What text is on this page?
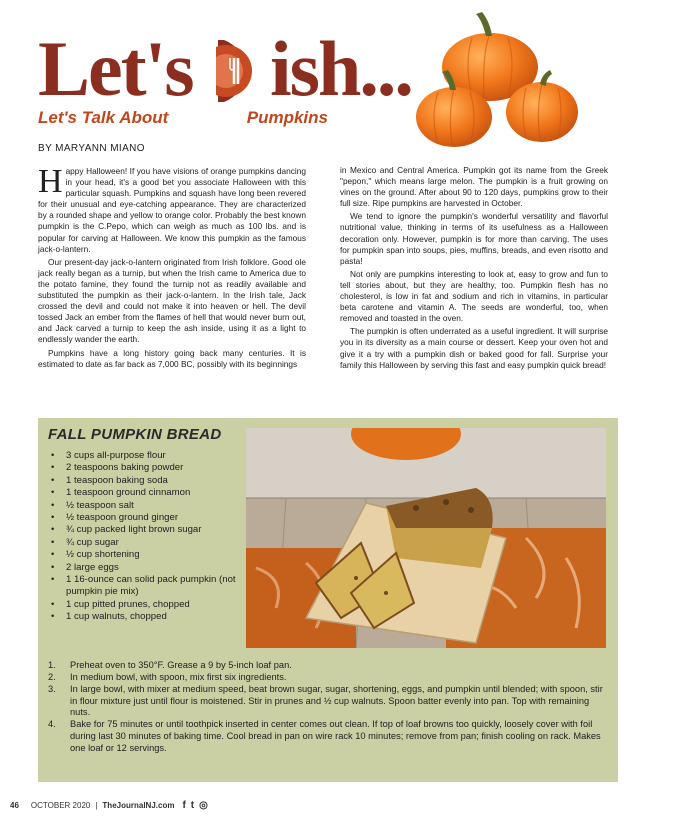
Let's ish...
Let's Talk About	Pumpkins
BY MARYANN MIANO

Happy Halloween! If you have visions of orange pumpkins dancing in your head, it's a good bet you associate Halloween with this particular squash. Pumpkins and squash have long been revered for their unusual and eye-catching appearance. They are characterized by a rounded shape and yellow to orange color. Probably the best known pumpkin is the C.Pepo, which can weigh as much as 100 lbs. and is popular for carving at Halloween. We know this pumpkin as the famous jack-o-lantern.

Our present-day jack-o-lantern originated from Irish folklore. Good ole jack really began as a turnip, but when the Irish came to America due to the potato famine, they found the turnip not as readily available and substituted the pumpkin as their jack-o-lantern. In the Irish tale, Jack crossed the devil and could not make it into heaven or hell. The devil tossed Jack an ember from the flames of hell that would never burn out, and Jack carved a turnip to keep the ash inside, using it as a light to endlessly wander the earth.

Pumpkins have a long history going back many centuries. It is estimated to date as far back as 7,000 BC, possibly with its beginnings

in Mexico and Central America. Pumpkin got its name from the Greek "pepon," which means large melon. The pumpkin is a fruit growing on vines on the ground. After about 90 to 120 days, pumpkins grow to their full size. Ripe pumpkins are harvested in October.

We tend to ignore the pumpkin's wonderful versatility and flavorful nutritional value, thinking in terms of its usefulness as a Halloween decoration only. However, pumpkin is for more than carving. The uses for pumpkin span into soups, pies, muffins, breads, and even risotto and pasta!

Not only are pumpkins interesting to look at, easy to grow and fun to tell stories about, but they are healthy, too. Pumpkin flesh has no cholesterol, is low in fat and sodium and rich in vitamins, in particular beta carotene and vitamin A. The seeds are wonderful, too, when removed and toasted in the oven.

The pumpkin is often underrated as a useful ingredient. It will surprise you in its diversity as a main course or dessert. Keep your oven hot and give it a try with a pumpkin dish or baked good for fall. Surprise your family this Halloween by serving this fast and easy pumpkin quick bread!

FALL PUMPKIN BREAD
• 3 cups all-purpose flour
• 2 teaspoons baking powder
• 1 teaspoon baking soda
• 1 teaspoon ground cinnamon
• ½ teaspoon salt
• ½ teaspoon ground ginger
• ¾ cup packed light brown sugar
• ¾ cup sugar
• ½ cup shortening
• 2 large eggs
• 1 16-ounce can solid pack pumpkin (not pumpkin pie mix)
• 1 cup pitted prunes, chopped
• 1 cup walnuts, chopped
1. Preheat oven to 350°F. Grease a 9 by 5-inch loaf pan.
2. In medium bowl, with spoon, mix first six ingredients.
3. In large bowl, with mixer at medium speed, beat brown sugar, sugar, shortening, eggs, and pumpkin until blended; with spoon, stir in flour mixture just until flour is moistened. Stir in prunes and ½ cup walnuts. Spoon batter evenly into pan. Top with remaining nuts.
4. Bake for 75 minutes or until toothpick inserted in center comes out clean. If top of loaf browns too quickly, loosely cover with foil during last 30 minutes of baking time. Cool bread in pan on wire rack 10 minutes; remove from pan; finish cooling on rack. Makes one loaf or 12 servings.
46 OCTOBER 2020 | TheJournalNJ.com f t ◎
